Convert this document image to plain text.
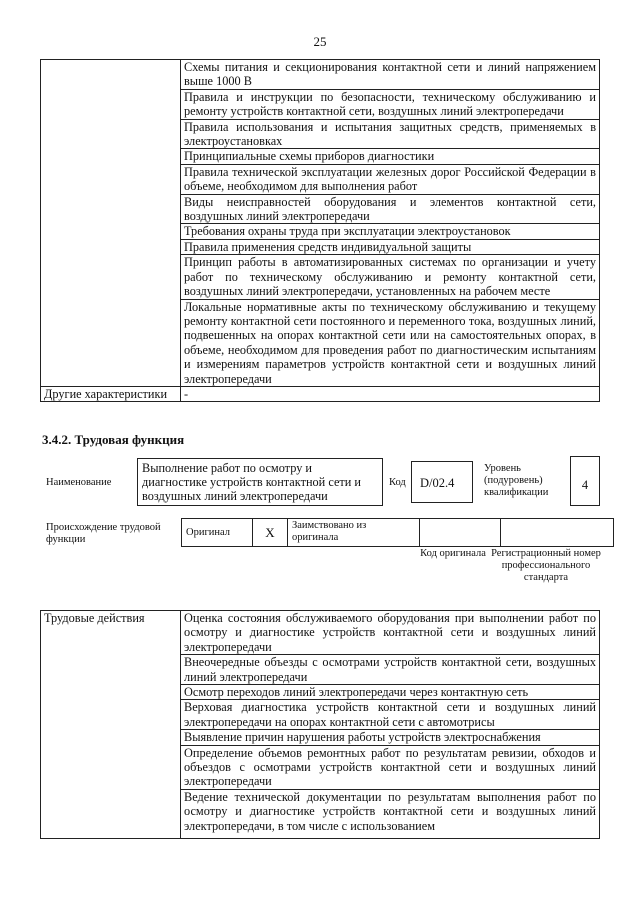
25
	Схемы питания и секционирования контактной сети и линий напряжением выше 1000 В
	Правила и инструкции по безопасности, техническому обслуживанию и ремонту устройств контактной сети, воздушных линий электропередачи
	Правила использования и испытания защитных средств, применяемых в электроустановках
	Принципиальные схемы приборов диагностики
	Правила технической эксплуатации железных дорог Российской Федерации в объеме, необходимом для выполнения работ
	Виды неисправностей оборудования и элементов контактной сети, воздушных линий электропередачи
	Требования охраны труда при эксплуатации электроустановок
	Правила применения средств индивидуальной защиты
	Принцип работы в автоматизированных системах по организации и учету работ по техническому обслуживанию и ремонту контактной сети, воздушных линий электропередачи, установленных на рабочем месте
	Локальные нормативные акты по техническому обслуживанию и текущему ремонту контактной сети постоянного и переменного тока, воздушных линий, подвешенных на опорах контактной сети или на самостоятельных опорах, в объеме, необходимом для проведения работ по диагностическим испытаниям и измерениям параметров устройств контактной сети и воздушных линий электропередачи
Другие характеристики	-
3.4.2. Трудовая функция
Наименование
Выполнение работ по осмотру и диагностике устройств контактной сети и воздушных линий электропередачи
Код	D/02.4
Уровень (подуровень) квалификации
4
Происхождение трудовой функции
Оригинал	X	Заимствовано из оригинала		
Код оригинала Регистрационный номер профессионального стандарта
Трудовые действия	Оценка состояния обслуживаемого оборудования при выполнении работ по осмотру и диагностике устройств контактной сети и воздушных линий электропередачи
Внеочередные объезды с осмотрами устройств контактной сети, воздушных линий электропередачи
Осмотр переходов линий электропередачи через контактную сеть
Верховая диагностика устройств контактной сети и воздушных линий электропередачи на опорах контактной сети с автомотрисы
Выявление причин нарушения работы устройств электроснабжения
Определение объемов ремонтных работ по результатам ревизии, обходов и объездов с осмотрами устройств контактной сети и воздушных линий электропередачи

Ведение технической документации по результатам выполнения работ по осмотру и диагностике устройств контактной сети и воздушных линий электропередачи, в том числе с использованием
